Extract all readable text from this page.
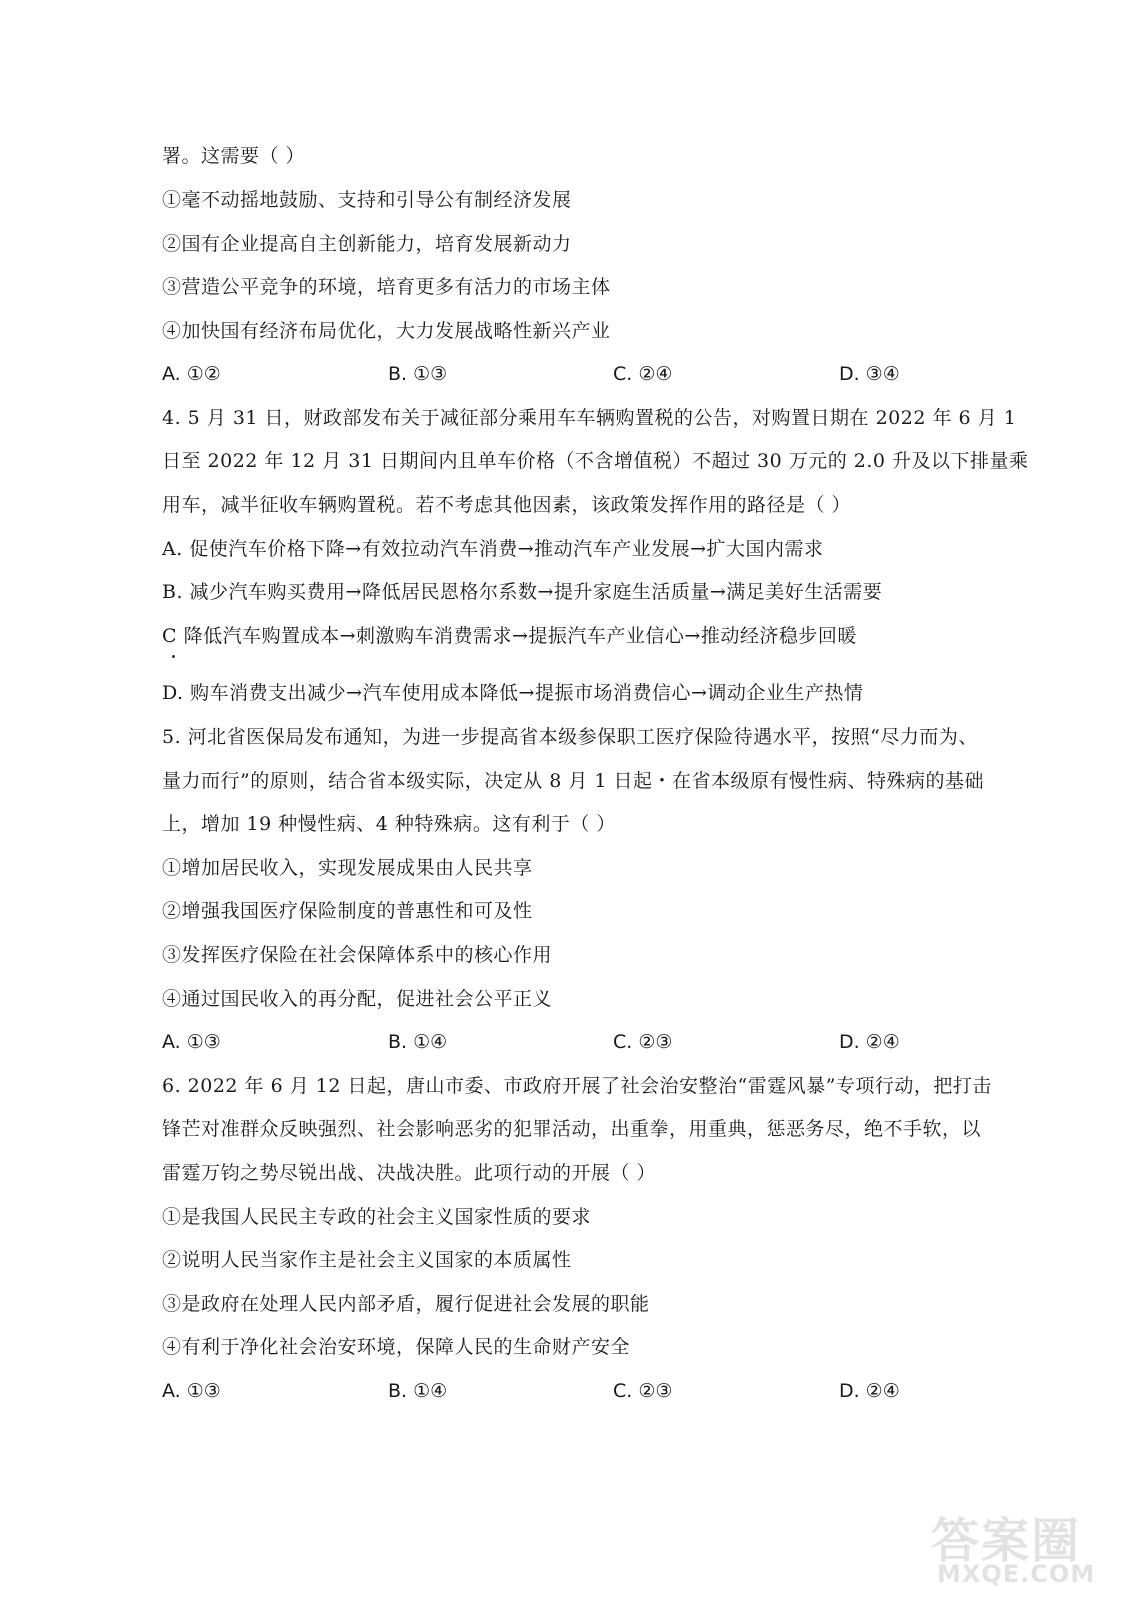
署。这需要（ ）
①毫不动摇地鼓励、支持和引导公有制经济发展
②国有企业提高自主创新能力，培育发展新动力
③营造公平竞争的环境，培育更多有活力的市场主体
④加快国有经济布局优化，大力发展战略性新兴产业
A. ①②	B. ①③	C. ②④	D. ③④
4. 5 月 31 日，财政部发布关于减征部分乘用车车辆购置税的公告，对购置日期在 2022 年 6 月 1
日至 2022 年 12 月 31 日期间内且单车价格（不含增值税）不超过 30 万元的 2.0 升及以下排量乘
用车，减半征收车辆购置税。若不考虑其他因素，该政策发挥作用的路径是（ ）
A. 促使汽车价格下降→有效拉动汽车消费→推动汽车产业发展→扩大国内需求
B. 减少汽车购买费用→降低居民恩格尔系数→提升家庭生活质量→满足美好生活需要
C 降低汽车购置成本→刺激购车消费需求→提振汽车产业信心→推动经济稳步回暖
D. 购车消费支出减少→汽车使用成本降低→提振市场消费信心→调动企业生产热情
5. 河北省医保局发布通知，为进一步提高省本级参保职工医疗保险待遇水平，按照“尽力而为、
量力而行”的原则，结合省本级实际，决定从 8 月 1 日起・在省本级原有慢性病、特殊病的基础
上，增加 19 种慢性病、4 种特殊病。这有利于（ ）
①增加居民收入，实现发展成果由人民共享
②增强我国医疗保险制度的普惠性和可及性
③发挥医疗保险在社会保障体系中的核心作用
④通过国民收入的再分配，促进社会公平正义
A. ①③	B. ①④	C. ②③	D. ②④
6. 2022 年 6 月 12 日起，唐山市委、市政府开展了社会治安整治“雷霆风暴”专项行动，把打击
锋芒对准群众反映强烈、社会影响恶劣的犯罪活动，出重拳，用重典，惩恶务尽，绝不手软，以
雷霆万钧之势尽锐出战、决战决胜。此项行动的开展（ ）
①是我国人民民主专政的社会主义国家性质的要求
②说明人民当家作主是社会主义国家的本质属性
③是政府在处理人民内部矛盾，履行促进社会发展的职能
④有利于净化社会治安环境，保障人民的生命财产安全
A. ①③	B. ①④	C. ②③	D. ②④
答案圈
MXQE.COM
